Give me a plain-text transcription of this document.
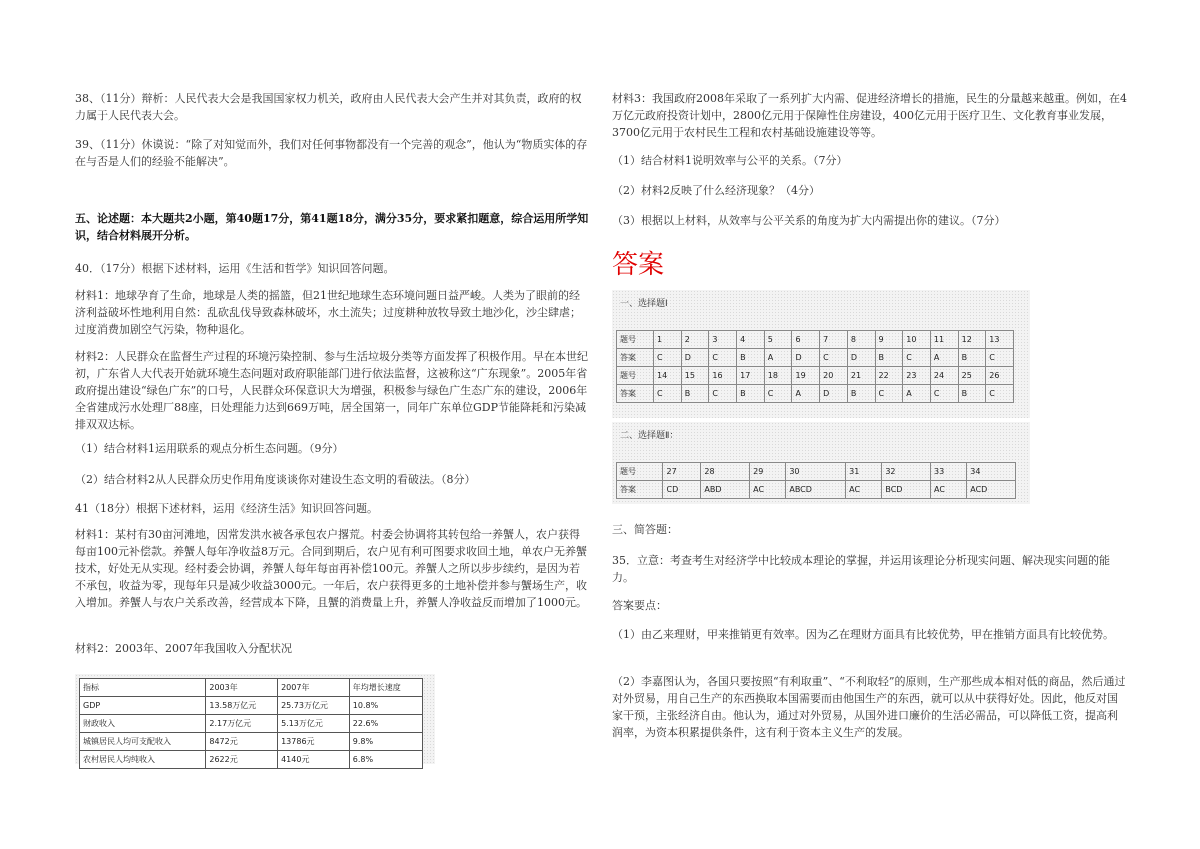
38、（11分）辩析：人民代表大会是我国国家权力机关，政府由人民代表大会产生并对其负责，政府的权力属于人民代表大会。

39、（11分）休谟说：“除了对知觉而外，我们对任何事物都没有一个完善的观念”，他认为“物质实体的存在与否是人们的经验不能解决”。

五、论述题：本大题共2小题，第40题17分，第41题18分，满分35分，要求紧扣题意，综合运用所学知识，结合材料展开分析。

40．（17分）根据下述材料，运用《生活和哲学》知识回答问题。

材料1：地球孕育了生命，地球是人类的摇篮，但21世纪地球生态环境问题日益严峻。人类为了眼前的经济利益破坏性地利用自然：乱砍乱伐导致森林破坏，水土流失；过度耕种放牧导致土地沙化，沙尘肆虐；过度消费加剧空气污染，物种退化。

材料2：人民群众在监督生产过程的环境污染控制、参与生活垃圾分类等方面发挥了积极作用。早在本世纪初，广东省人大代表开始就环境生态问题对政府职能部门进行依法监督，这被称这“广东现象”。2005年省政府提出建设“绿色广东”的口号，人民群众环保意识大为增强，积极参与绿色广生态广东的建设，2006年全省建成污水处理厂88座，日处理能力达到669万吨，居全国第一，同年广东单位GDP节能降耗和污染减排双双达标。

（1）结合材料1运用联系的观点分析生态问题。（9分）

（2）结合材料2从人民群众历史作用角度谈谈你对建设生态文明的看破法。（8分）

41（18分）根据下述材料，运用《经济生活》知识回答问题。

材料1：某村有30亩河滩地，因常发洪水被各承包农户撂荒。村委会协调将其转包给一养蟹人，农户获得每亩100元补偿款。养蟹人每年净收益8万元。合同到期后，农户见有利可图要求收回土地，单农户无养蟹技术，好处无从实现。经村委会协调，养蟹人每年每亩再补偿100元。养蟹人之所以步步续约，是因为若不承包，收益为零，现每年只是减少收益3000元。一年后，农户获得更多的土地补偿并参与蟹场生产，收入增加。养蟹人与农户关系改善，经营成本下降，且蟹的消费量上升，养蟹人净收益反而增加了1000元。

材料2：2003年、2007年我国收入分配状况

指标	2003年	2007年	年均增长速度
GDP	13.58万亿元	25.73万亿元	10.8%
财政收入	2.17万亿元	5.13万亿元	22.6%
城镇居民人均可支配收入	8472元	13786元	9.8%
农村居民人均纯收入	2622元	4140元	6.8%

材料3：我国政府2008年采取了一系列扩大内需、促进经济增长的措施，民生的分量越来越重。例如，在4万亿元政府投资计划中，2800亿元用于保障性住房建设，400亿元用于医疗卫生、文化教育事业发展，3700亿元用于农村民生工程和农村基础设施建设等等。

（1）结合材料1说明效率与公平的关系。（7分）

（2）材料2反映了什么经济现象？（4分）

（3）根据以上材料，从效率与公平关系的角度为扩大内需提出你的建议。（7分）

答案

一、选择题Ⅰ
题号	1	2	3	4	5	6	7	8	9	10	11	12	13
答案	C	D	C	B	A	D	C	D	B	C	A	B	C
题号	14	15	16	17	18	19	20	21	22	23	24	25	26
答案	C	B	C	B	C	A	D	B	C	A	C	B	C
二、选择题Ⅱ：
题号	27	28	29	30	31	32	33	34
答案	CD	ABD	AC	ABCD	AC	BCD	AC	ACD

三、简答题：

35．立意：考查考生对经济学中比较成本理论的掌握，并运用该理论分析现实问题、解决现实问题的能力。

答案要点：

（1）由乙来理财，甲来推销更有效率。因为乙在理财方面具有比较优势，甲在推销方面具有比较优势。

（2）李嘉图认为，各国只要按照“有利取重”、“不利取轻”的原则，生产那些成本相对低的商品，然后通过对外贸易，用自己生产的东西换取本国需要而由他国生产的东西，就可以从中获得好处。因此，他反对国家干预，主张经济自由。他认为，通过对外贸易，从国外进口廉价的生活必需品，可以降低工资，提高利润率，为资本积累提供条件，这有利于资本主义生产的发展。
